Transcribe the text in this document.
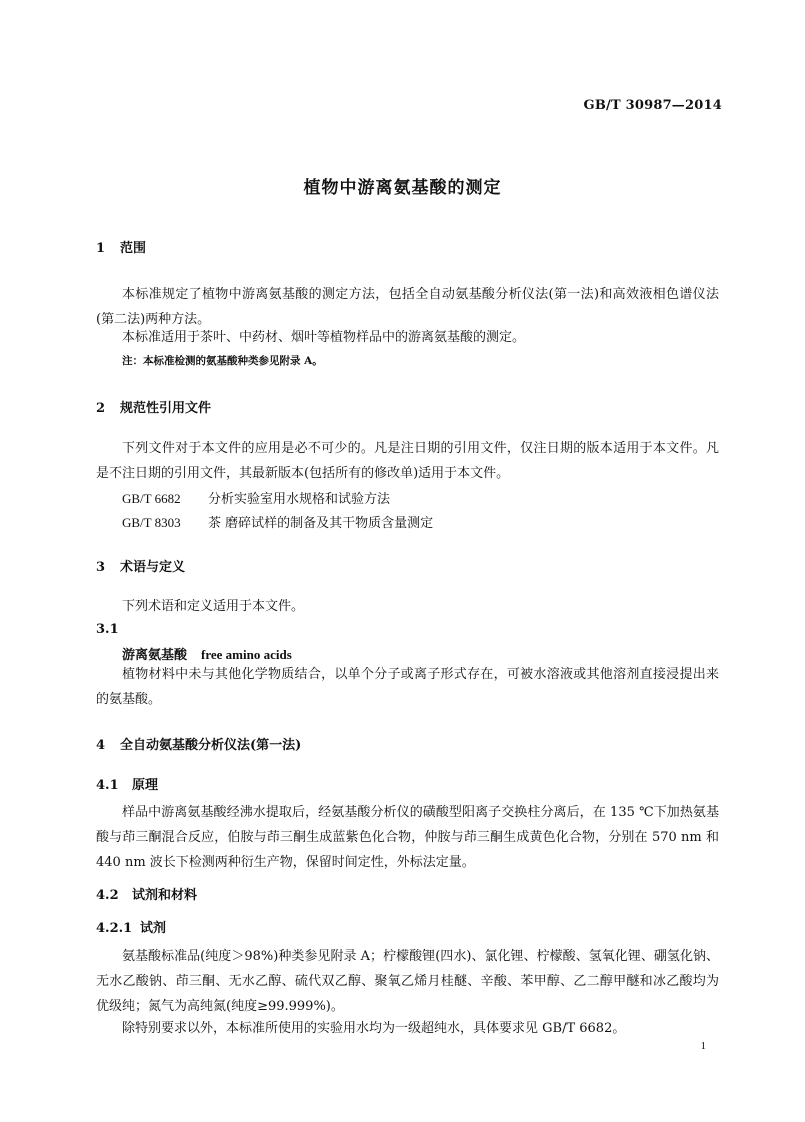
GB/T 30987—2014
植物中游离氨基酸的测定
1 范围
本标准规定了植物中游离氨基酸的测定方法，包括全自动氨基酸分析仪法(第一法)和高效液相色谱仪法(第二法)两种方法。
本标准适用于茶叶、中药材、烟叶等植物样品中的游离氨基酸的测定。
注：本标准检测的氨基酸种类参见附录 A。
2 规范性引用文件
下列文件对于本文件的应用是必不可少的。凡是注日期的引用文件，仅注日期的版本适用于本文件。凡是不注日期的引用文件，其最新版本(包括所有的修改单)适用于本文件。
GB/T 6682 分析实验室用水规格和试验方法
GB/T 8303 茶 磨碎试样的制备及其干物质含量测定
3 术语与定义
下列术语和定义适用于本文件。
3.1
游离氨基酸 free amino acids
植物材料中未与其他化学物质结合，以单个分子或离子形式存在，可被水溶液或其他溶剂直接浸提出来的氨基酸。
4 全自动氨基酸分析仪法(第一法)
4.1 原理
样品中游离氨基酸经沸水提取后，经氨基酸分析仪的磺酸型阳离子交换柱分离后，在 135 ℃下加热氨基酸与茚三酮混合反应，伯胺与茚三酮生成蓝紫色化合物，仲胺与茚三酮生成黄色化合物，分别在 570 nm 和 440 nm 波长下检测两种衍生产物，保留时间定性，外标法定量。
4.2 试剂和材料
4.2.1 试剂
氨基酸标准品(纯度＞98%)种类参见附录 A；柠檬酸锂(四水)、氯化锂、柠檬酸、氢氧化锂、硼氢化钠、无水乙酸钠、茚三酮、无水乙醇、硫代双乙醇、聚氧乙烯月桂醚、辛酸、苯甲醇、乙二醇甲醚和冰乙酸均为优级纯；氮气为高纯氮(纯度≥99.999%)。
除特别要求以外，本标准所使用的实验用水均为一级超纯水，具体要求见 GB/T 6682。
1
